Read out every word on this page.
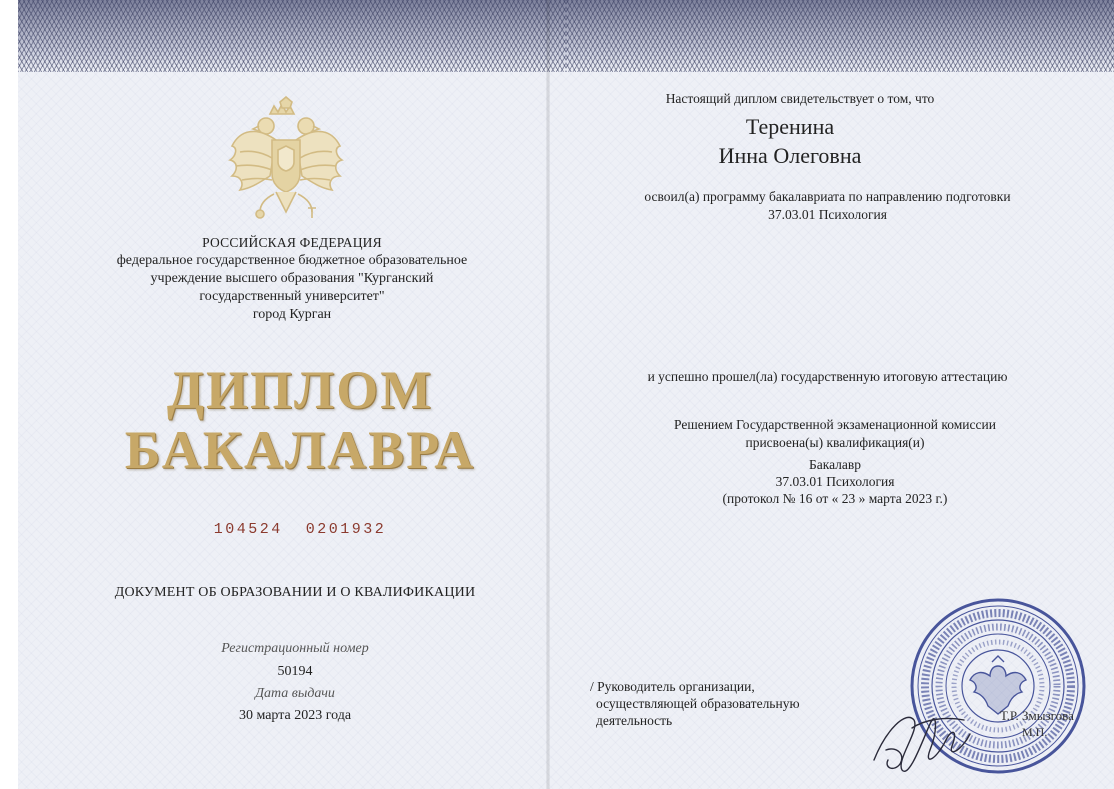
РОССИЙСКАЯ ФЕДЕРАЦИЯ
федеральное государственное бюджетное образовательное
учреждение высшего образования "Курганский
государственный университет"
город Курган
ДИПЛОМ
БАКАЛАВРА
104524  0201932
ДОКУМЕНТ ОБ ОБРАЗОВАНИИ И О КВАЛИФИКАЦИИ
Регистрационный номер
50194
Дата выдачи
30 марта 2023 года
Настоящий диплом свидетельствует о том, что
Теренина
Инна Олеговна
освоил(а) программу бакалавриата по направлению подготовки
37.03.01 Психология
и успешно прошел(ла) государственную итоговую аттестацию
Решением Государственной экзаменационной комиссии
присвоена(ы) квалификация(и)
Бакалавр
37.03.01 Психология
(протокол № 16 от « 23 » марта 2023 г.)
/ Руководитель организации,
осуществляющей образовательную
деятельность	Т.Р. Змызгова
М.П.
